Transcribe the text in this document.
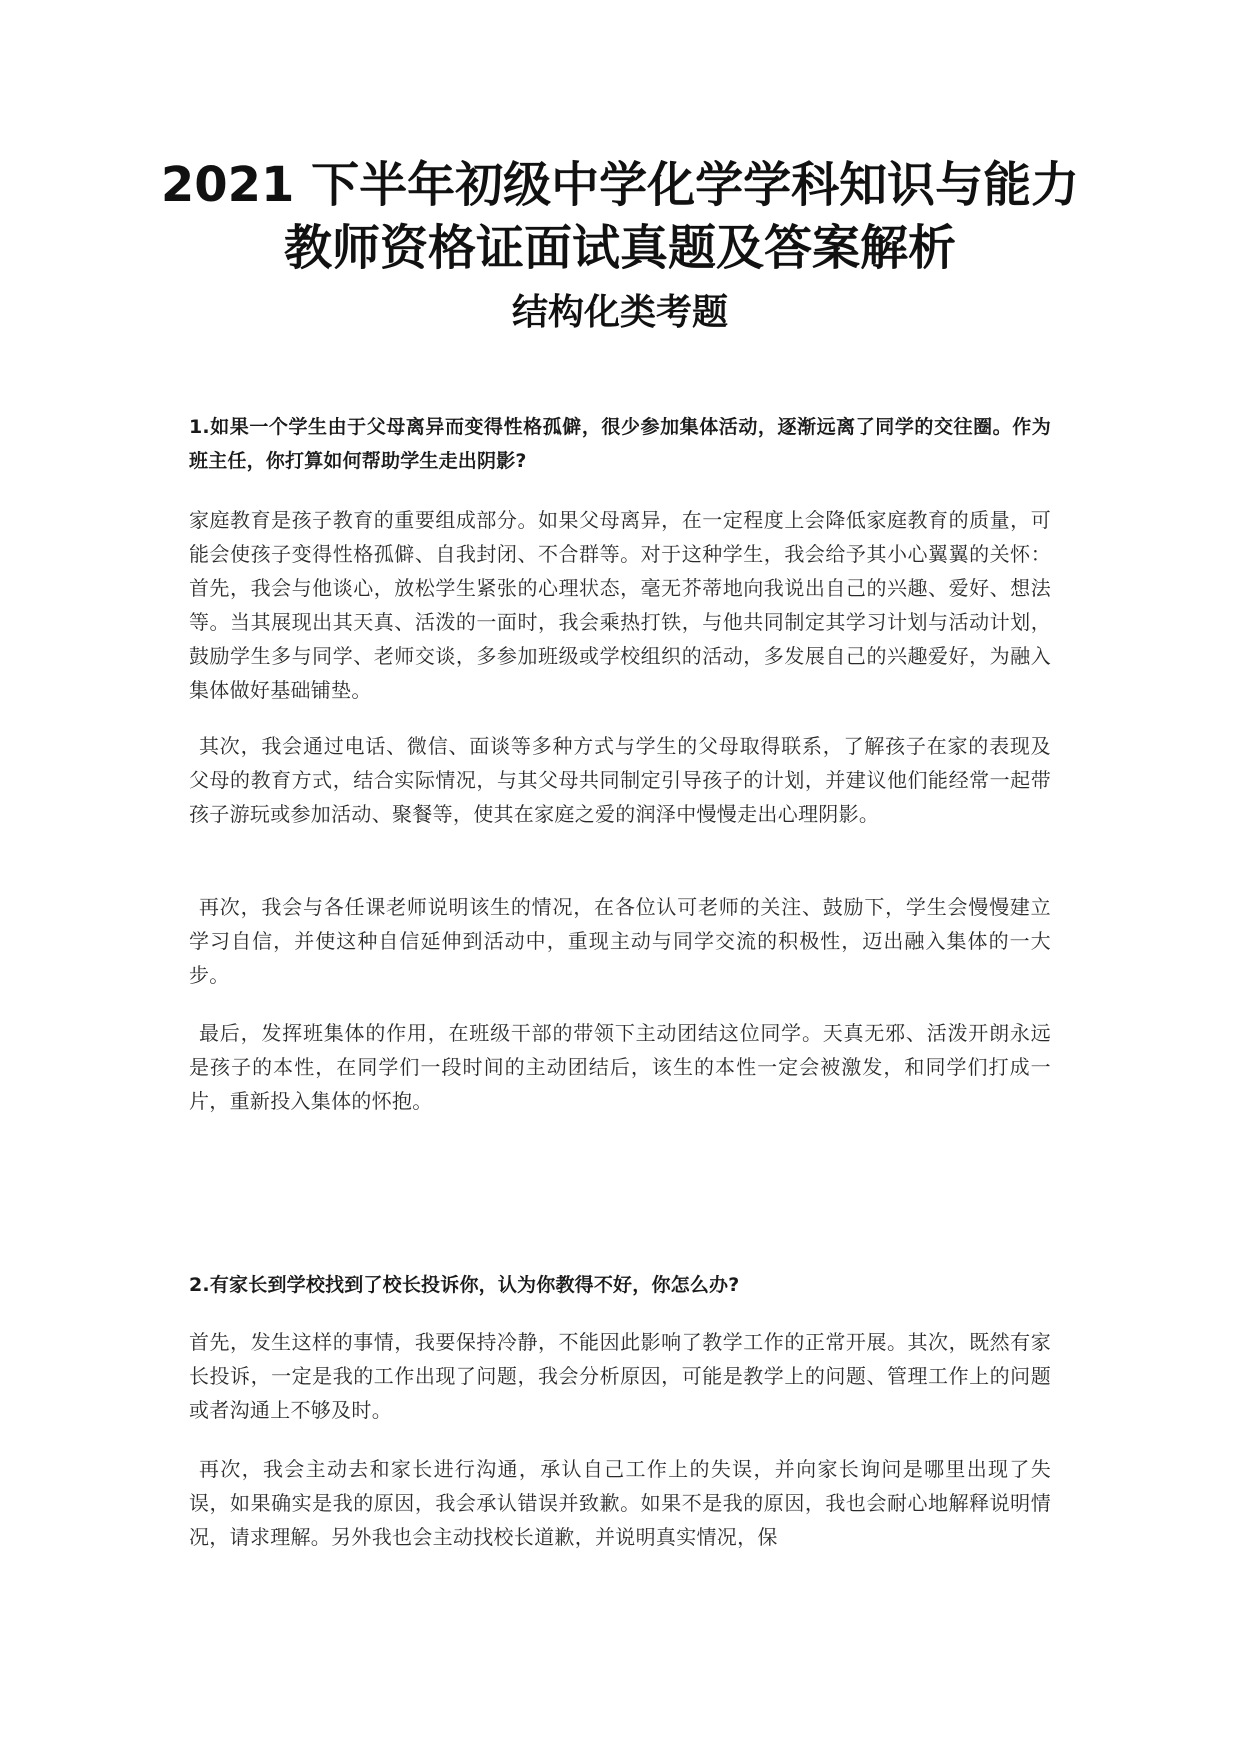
2021 下半年初级中学化学学科知识与能力
教师资格证面试真题及答案解析
结构化类考题
1.如果一个学生由于父母离异而变得性格孤僻，很少参加集体活动，逐渐远离了同学的交往圈。作为班主任，你打算如何帮助学生走出阴影?
家庭教育是孩子教育的重要组成部分。如果父母离异，在一定程度上会降低家庭教育的质量，可能会使孩子变得性格孤僻、自我封闭、不合群等。对于这种学生，我会给予其小心翼翼的关怀：首先，我会与他谈心，放松学生紧张的心理状态，毫无芥蒂地向我说出自己的兴趣、爱好、想法等。当其展现出其天真、活泼的一面时，我会乘热打铁，与他共同制定其学习计划与活动计划，鼓励学生多与同学、老师交谈，多参加班级或学校组织的活动，多发展自己的兴趣爱好，为融入集体做好基础铺垫。
其次，我会通过电话、微信、面谈等多种方式与学生的父母取得联系，了解孩子在家的表现及父母的教育方式，结合实际情况，与其父母共同制定引导孩子的计划，并建议他们能经常一起带孩子游玩或参加活动、聚餐等，使其在家庭之爱的润泽中慢慢走出心理阴影。
再次，我会与各任课老师说明该生的情况，在各位认可老师的关注、鼓励下，学生会慢慢建立学习自信，并使这种自信延伸到活动中，重现主动与同学交流的积极性，迈出融入集体的一大步。
最后，发挥班集体的作用，在班级干部的带领下主动团结这位同学。天真无邪、活泼开朗永远是孩子的本性，在同学们一段时间的主动团结后，该生的本性一定会被激发，和同学们打成一片，重新投入集体的怀抱。
2.有家长到学校找到了校长投诉你，认为你教得不好，你怎么办?
首先，发生这样的事情，我要保持冷静，不能因此影响了教学工作的正常开展。其次，既然有家长投诉，一定是我的工作出现了问题，我会分析原因，可能是教学上的问题、管理工作上的问题或者沟通上不够及时。
再次，我会主动去和家长进行沟通，承认自己工作上的失误，并向家长询问是哪里出现了失误，如果确实是我的原因，我会承认错误并致歉。如果不是我的原因，我也会耐心地解释说明情况，请求理解。另外我也会主动找校长道歉，并说明真实情况，保
